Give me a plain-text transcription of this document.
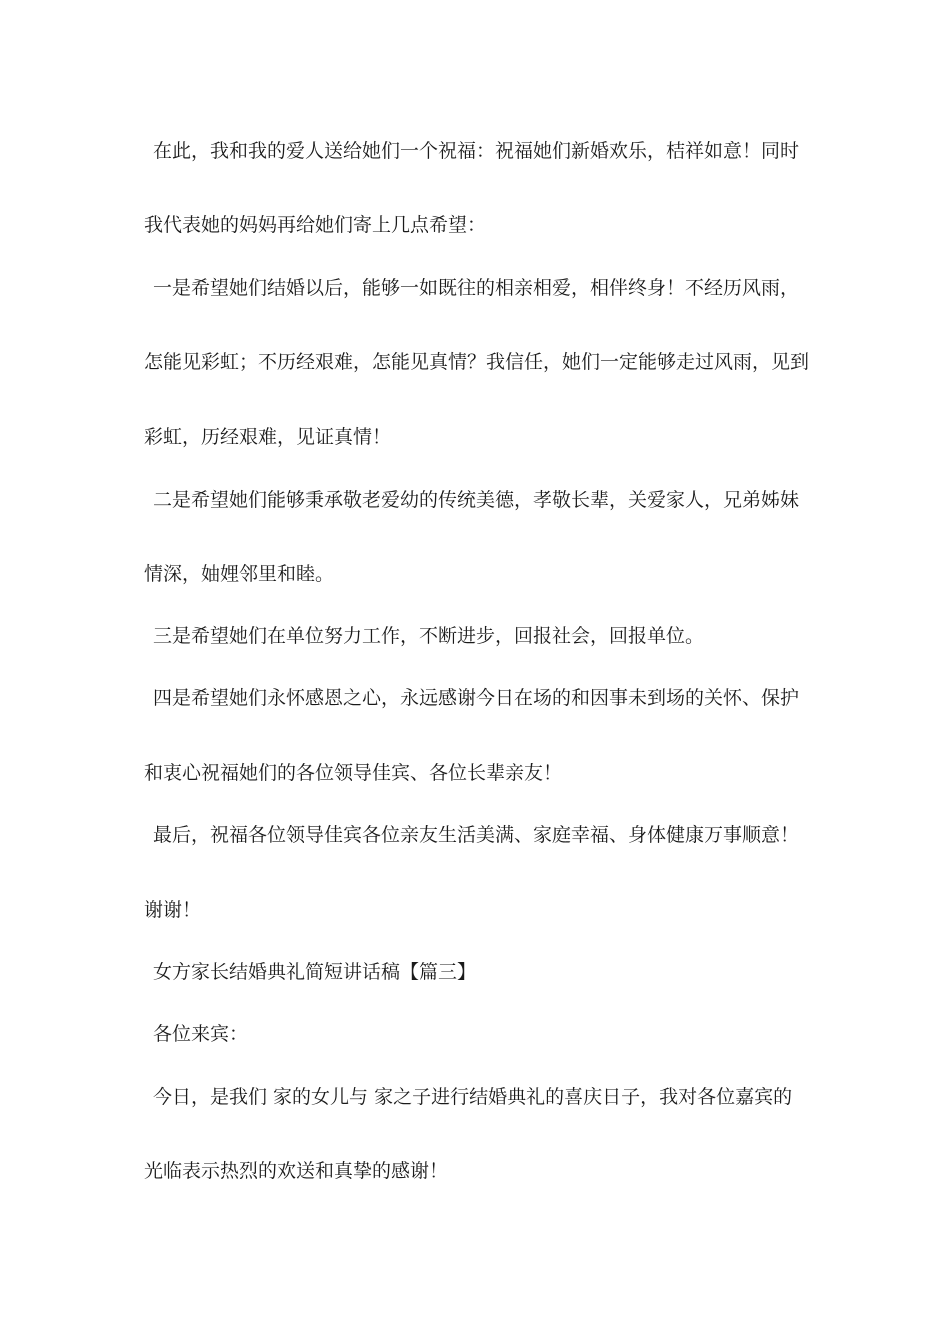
在此，我和我的爱人送给她们一个祝福：祝福她们新婚欢乐，桔祥如意！同时
我代表她的妈妈再给她们寄上几点希望：
一是希望她们结婚以后，能够一如既往的相亲相爱，相伴终身！不经历风雨，
怎能见彩虹；不历经艰难，怎能见真情？我信任，她们一定能够走过风雨，见到
彩虹，历经艰难，见证真情！
二是希望她们能够秉承敬老爱幼的传统美德，孝敬长辈，关爱家人，兄弟姊妹
情深，妯娌邻里和睦。
三是希望她们在单位努力工作，不断进步，回报社会，回报单位。
四是希望她们永怀感恩之心，永远感谢今日在场的和因事未到场的关怀、保护
和衷心祝福她们的各位领导佳宾、各位长辈亲友！
最后，祝福各位领导佳宾各位亲友生活美满、家庭幸福、身体健康万事顺意！
谢谢！
女方家长结婚典礼简短讲话稿【篇三】
各位来宾：
今日，是我们 家的女儿与 家之子进行结婚典礼的喜庆日子，我对各位嘉宾的
光临表示热烈的欢送和真挚的感谢！
